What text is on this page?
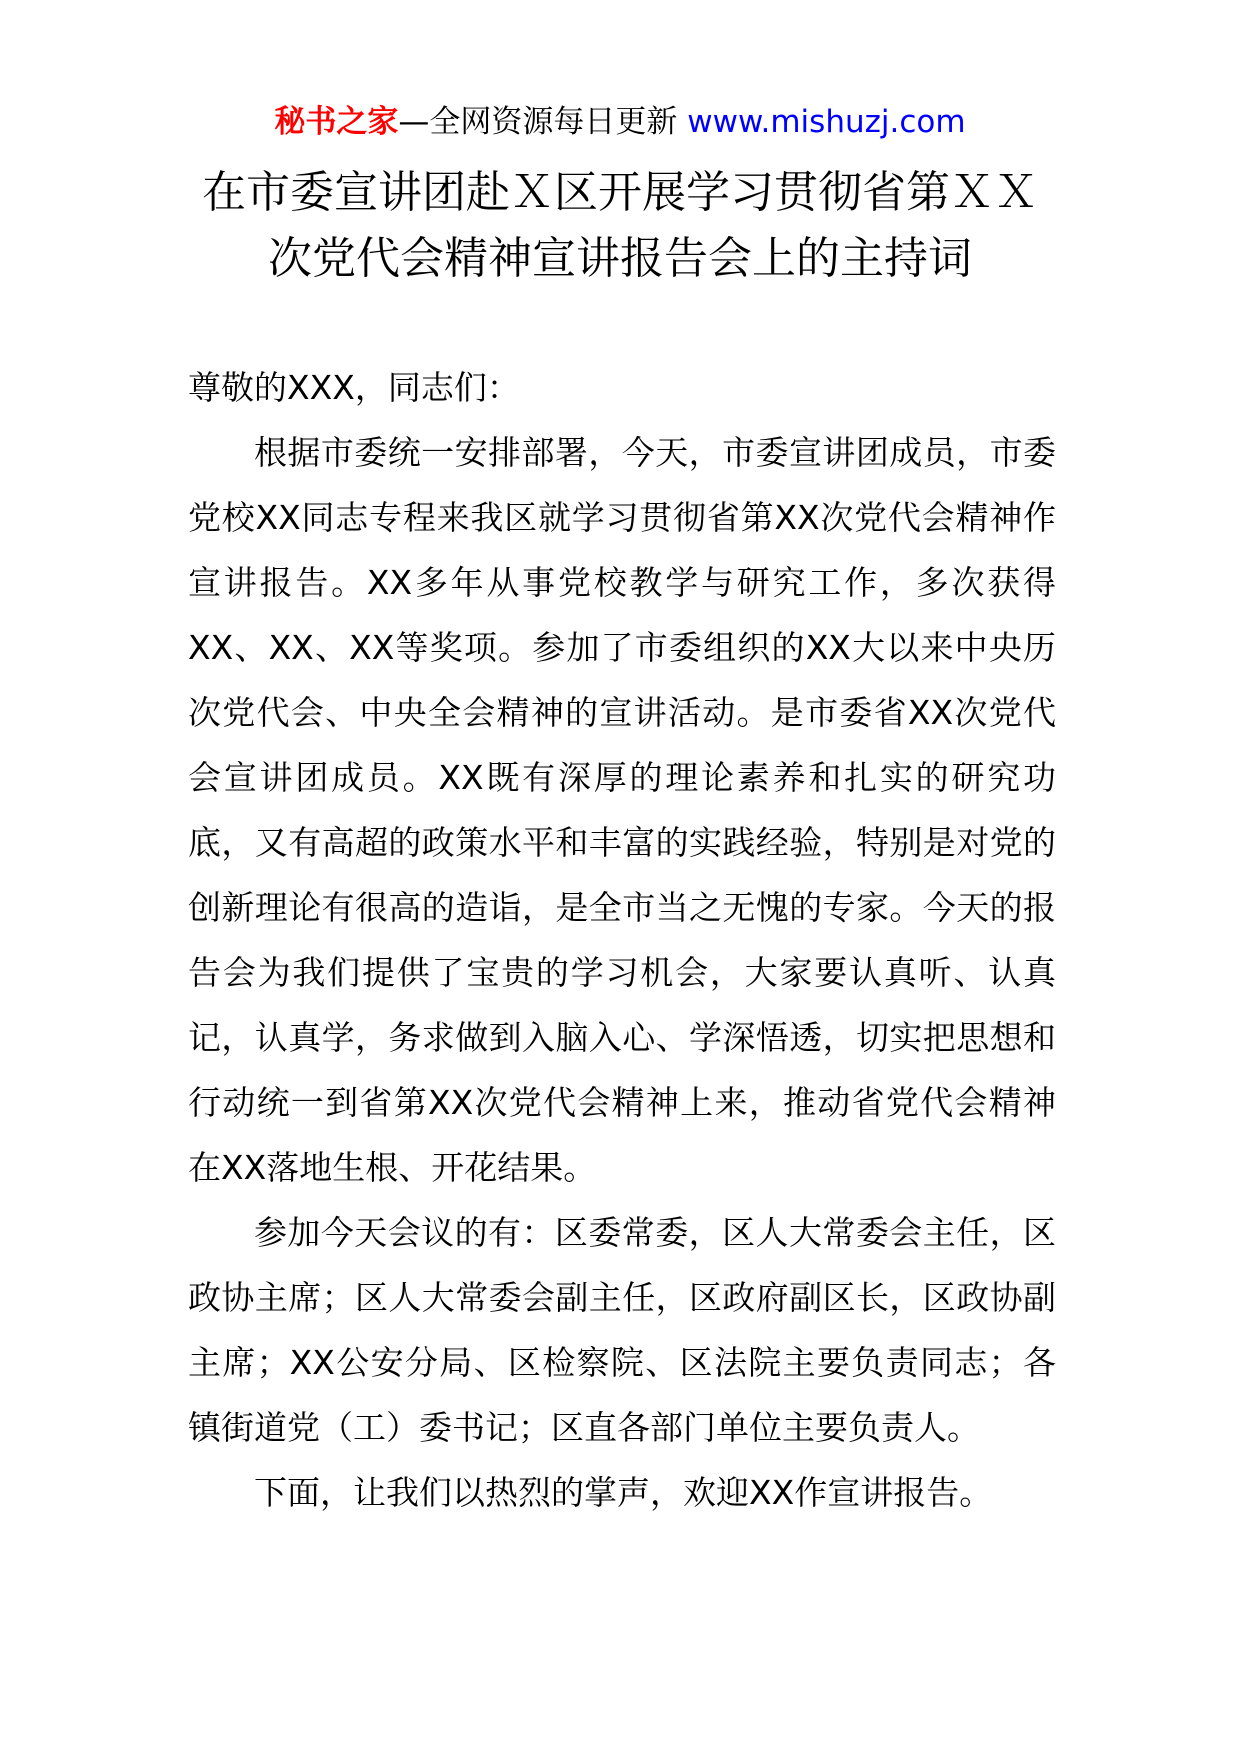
秘书之家—全网资源每日更新 www.mishuzj.com
在市委宣讲团赴Ｘ区开展学习贯彻省第ＸＸ
次党代会精神宣讲报告会上的主持词

尊敬的XXX，同志们：

根据市委统一安排部署，今天，市委宣讲团成员，市委党校XX同志专程来我区就学习贯彻省第XX次党代会精神作宣讲报告。XX多年从事党校教学与研究工作，多次获得XX、XX、XX等奖项。参加了市委组织的XX大以来中央历次党代会、中央全会精神的宣讲活动。是市委省XX次党代会宣讲团成员。XX既有深厚的理论素养和扎实的研究功底，又有高超的政策水平和丰富的实践经验，特别是对党的创新理论有很高的造诣，是全市当之无愧的专家。今天的报告会为我们提供了宝贵的学习机会，大家要认真听、认真记，认真学，务求做到入脑入心、学深悟透，切实把思想和行动统一到省第XX次党代会精神上来，推动省党代会精神在XX落地生根、开花结果。

参加今天会议的有：区委常委，区人大常委会主任，区政协主席；区人大常委会副主任，区政府副区长，区政协副主席；XX公安分局、区检察院、区法院主要负责同志；各镇街道党（工）委书记；区直各部门单位主要负责人。

下面，让我们以热烈的掌声，欢迎XX作宣讲报告。
